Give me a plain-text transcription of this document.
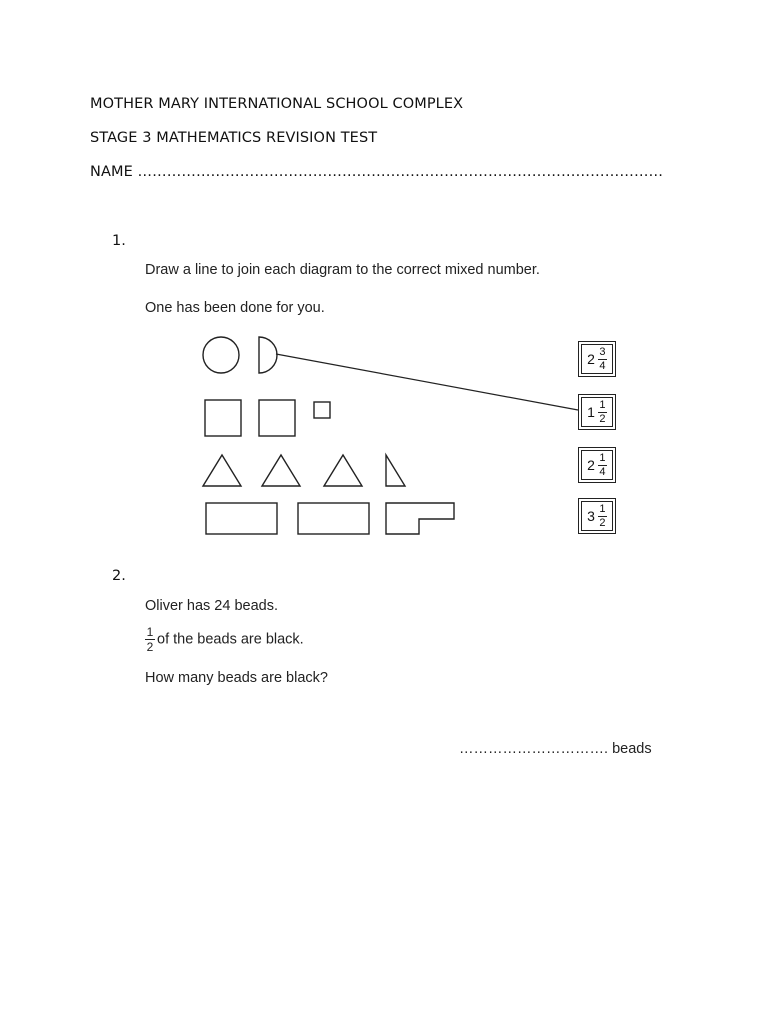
MOTHER MARY INTERNATIONAL SCHOOL COMPLEX
STAGE 3 MATHEMATICS REVISION TEST
NAME ………………………………………………………………………………………………
1.
Draw a line to join each diagram to the correct mixed number.
One has been done for you.
2 3
4
1 1
2
2 1
4
3 1
2
2.
Oliver has 24 beads.
$\frac{1}{2}$ of the beads are black.
How many beads are black?
…………………………. beads
